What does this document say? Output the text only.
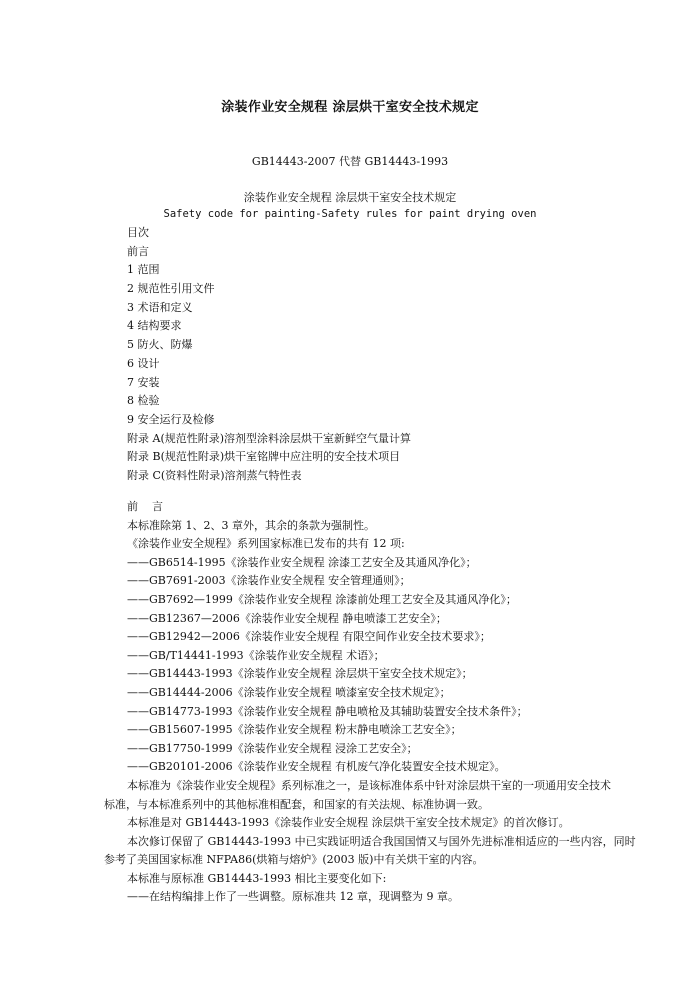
涂装作业安全规程 涂层烘干室安全技术规定
GB14443-2007 代替 GB14443-1993
涂装作业安全规程 涂层烘干室安全技术规定
Safety code for painting-Safety rules for paint drying oven
目次
前言
1 范围
2 规范性引用文件
3 术语和定义
4 结构要求
5 防火、防爆
6 设计
7 安装
8 检验
9 安全运行及检修
附录 A(规范性附录)溶剂型涂料涂层烘干室新鲜空气量计算
附录 B(规范性附录)烘干室铭牌中应注明的安全技术项目
附录 C(资料性附录)溶剂蒸气特性表
前言
本标准除第 1、2、3 章外，其余的条款为强制性。
《涂装作业安全规程》系列国家标准已发布的共有 12 项:
——GB6514-1995《涂装作业安全规程 涂漆工艺安全及其通风净化》；
——GB7691-2003《涂装作业安全规程 安全管理通则》；
——GB7692—1999《涂装作业安全规程 涂漆前处理工艺安全及其通风净化》；
——GB12367—2006《涂装作业安全规程 静电喷漆工艺安全》；
——GB12942—2006《涂装作业安全规程 有限空间作业安全技术要求》；
——GB/T14441-1993《涂装作业安全规程 术语》；
——GB14443-1993《涂装作业安全规程 涂层烘干室安全技术规定》；
——GB14444-2006《涂装作业安全规程 喷漆室安全技术规定》；
——GB14773-1993《涂装作业安全规程 静电喷枪及其辅助装置安全技术条件》；
——GB15607-1995《涂装作业安全规程 粉末静电喷涂工艺安全》；
——GB17750-1999《涂装作业安全规程 浸涂工艺安全》；
——GB20101-2006《涂装作业安全规程 有机废气净化装置安全技术规定》。
本标准为《涂装作业安全规程》系列标准之一，是该标准体系中针对涂层烘干室的一项通用安全技术
标准，与本标准系列中的其他标准相配套，和国家的有关法规、标准协调一致。
本标准是对 GB14443-1993《涂装作业安全规程 涂层烘干室安全技术规定》的首次修订。
本次修订保留了 GB14443-1993 中已实践证明适合我国国情又与国外先进标准相适应的一些内容，同时
参考了美国国家标准 NFPA86(烘箱与熔炉》(2003 版)中有关烘干室的内容。
本标准与原标准 GB14443-1993 相比主要变化如下:
——在结构编排上作了一些调整。原标准共 12 章，现调整为 9 章。
